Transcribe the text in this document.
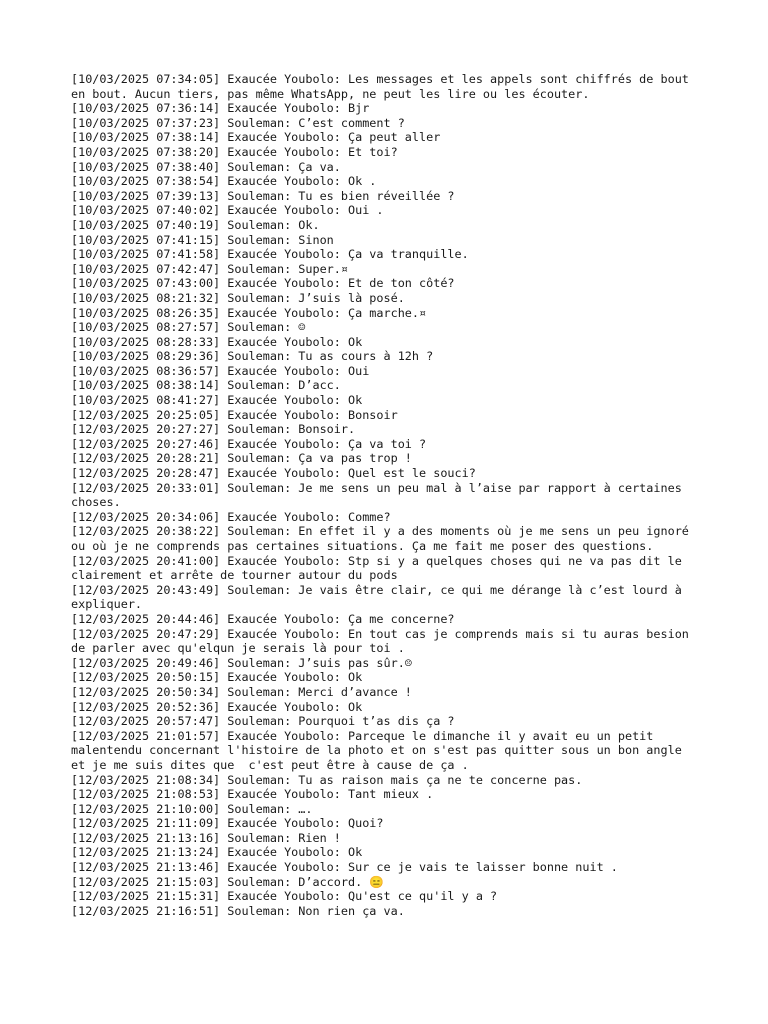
[10/03/2025 07:34:05] Exaucée Youbolo: Les messages et les appels sont chiffrés de bout en bout. Aucun tiers, pas même WhatsApp, ne peut les lire ou les écouter.
[10/03/2025 07:36:14] Exaucée Youbolo: Bjr
[10/03/2025 07:37:23] Souleman: C’est comment ?
[10/03/2025 07:38:14] Exaucée Youbolo: Ça peut aller
[10/03/2025 07:38:20] Exaucée Youbolo: Et toi?
[10/03/2025 07:38:40] Souleman: Ça va.
[10/03/2025 07:38:54] Exaucée Youbolo: Ok .
[10/03/2025 07:39:13] Souleman: Tu es bien réveillée ?
[10/03/2025 07:40:02] Exaucée Youbolo: Oui .
[10/03/2025 07:40:19] Souleman: Ok.
[10/03/2025 07:41:15] Souleman: Sinon
[10/03/2025 07:41:58] Exaucée Youbolo: Ça va tranquille.
[10/03/2025 07:42:47] Souleman: Super.¤
[10/03/2025 07:43:00] Exaucée Youbolo: Et de ton côté?
[10/03/2025 08:21:32] Souleman: J’suis là posé.
[10/03/2025 08:26:35] Exaucée Youbolo: Ça marche.¤
[10/03/2025 08:27:57] Souleman: ☺
[10/03/2025 08:28:33] Exaucée Youbolo: Ok
[10/03/2025 08:29:36] Souleman: Tu as cours à 12h ?
[10/03/2025 08:36:57] Exaucée Youbolo: Oui
[10/03/2025 08:38:14] Souleman: D’acc.
[10/03/2025 08:41:27] Exaucée Youbolo: Ok
[12/03/2025 20:25:05] Exaucée Youbolo: Bonsoir
[12/03/2025 20:27:27] Souleman: Bonsoir.
[12/03/2025 20:27:46] Exaucée Youbolo: Ça va toi ?
[12/03/2025 20:28:21] Souleman: Ça va pas trop !
[12/03/2025 20:28:47] Exaucée Youbolo: Quel est le souci?
[12/03/2025 20:33:01] Souleman: Je me sens un peu mal à l’aise par rapport à certaines choses.
[12/03/2025 20:34:06] Exaucée Youbolo: Comme?
[12/03/2025 20:38:22] Souleman: En effet il y a des moments où je me sens un peu ignoré ou où je ne comprends pas certaines situations. Ça me fait me poser des questions.
[12/03/2025 20:41:00] Exaucée Youbolo: Stp si y a quelques choses qui ne va pas dit le clairement et arrête de tourner autour du pods
[12/03/2025 20:43:49] Souleman: Je vais être clair, ce qui me dérange là c’est lourd à expliquer.
[12/03/2025 20:44:46] Exaucée Youbolo: Ça me concerne?
[12/03/2025 20:47:29] Exaucée Youbolo: En tout cas je comprends mais si tu auras besion de parler avec qu'elqun je serais là pour toi .
[12/03/2025 20:49:46] Souleman: J’suis pas sûr.☹
[12/03/2025 20:50:15] Exaucée Youbolo: Ok
[12/03/2025 20:50:34] Souleman: Merci d’avance !
[12/03/2025 20:52:36] Exaucée Youbolo: Ok
[12/03/2025 20:57:47] Souleman: Pourquoi t’as dis ça ?
[12/03/2025 21:01:57] Exaucée Youbolo: Parceque le dimanche il y avait eu un petit malentendu concernant l'histoire de la photo et on s'est pas quitter sous un bon angle et je me suis dites que  c'est peut être à cause de ça .
[12/03/2025 21:08:34] Souleman: Tu as raison mais ça ne te concerne pas.
[12/03/2025 21:08:53] Exaucée Youbolo: Tant mieux .
[12/03/2025 21:10:00] Souleman: ….
[12/03/2025 21:11:09] Exaucée Youbolo: Quoi?
[12/03/2025 21:13:16] Souleman: Rien !
[12/03/2025 21:13:24] Exaucée Youbolo: Ok
[12/03/2025 21:13:46] Exaucée Youbolo: Sur ce je vais te laisser bonne nuit .
[12/03/2025 21:15:03] Souleman: D’accord. 😑
[12/03/2025 21:15:31] Exaucée Youbolo: Qu'est ce qu'il y a ?
[12/03/2025 21:16:51] Souleman: Non rien ça va.
